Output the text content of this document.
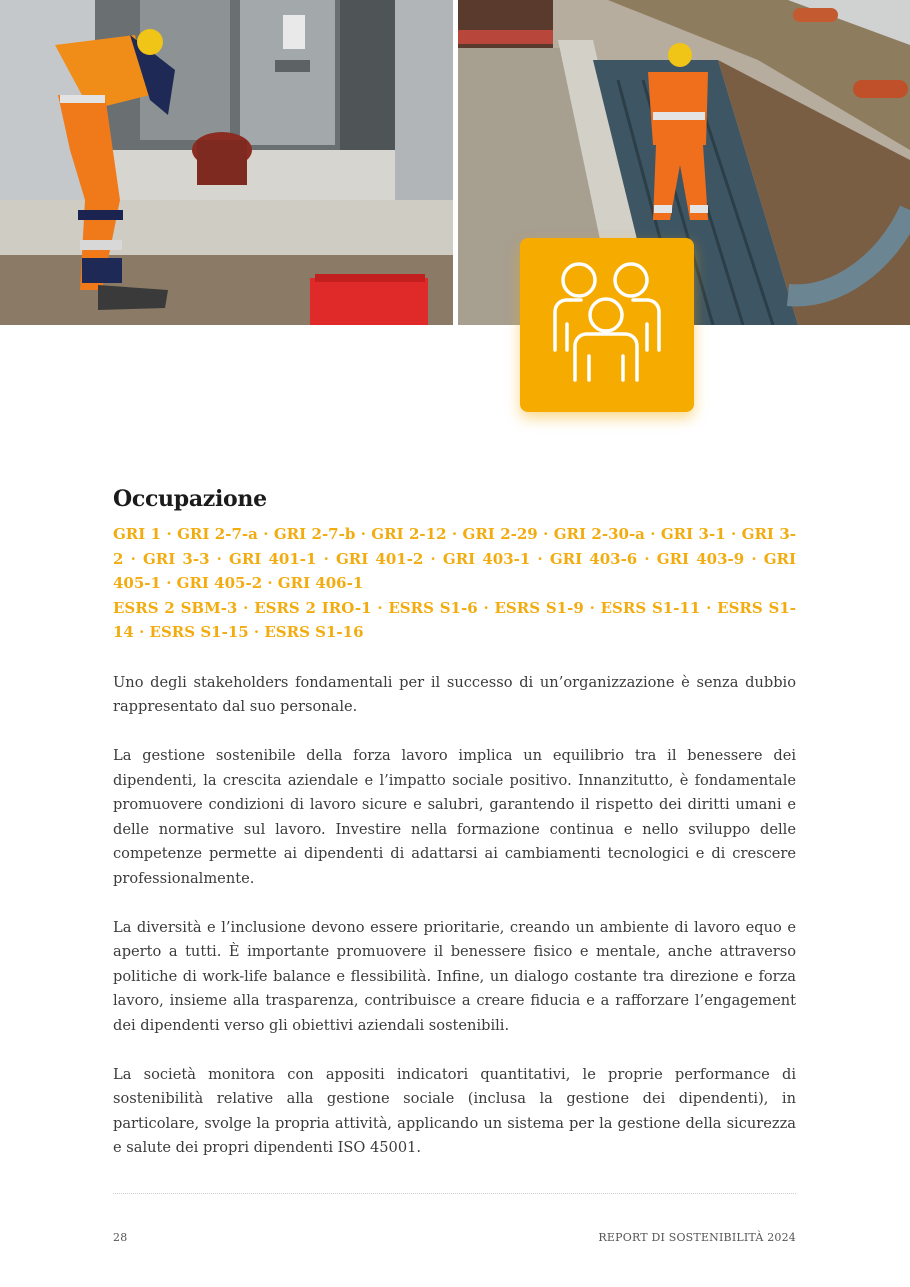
Occupazione

GRI 1 · GRI 2-7-a · GRI 2-7-b · GRI 2-12 · GRI 2-29 · GRI 2-30-a · GRI 3-1 · GRI 3-2 · GRI 3-3 · GRI 401-1 · GRI 401-2 · GRI 403-1 · GRI 403-6 · GRI 403-9 · GRI 405-1 · GRI 405-2 · GRI 406-1

ESRS 2 SBM-3 · ESRS 2 IRO-1 · ESRS S1-6 · ESRS S1-9 · ESRS S1-11 · ESRS S1-14 · ESRS S1-15 · ESRS S1-16

Uno degli stakeholders fondamentali per il successo di un’organizzazione è senza dubbio rappresentato dal suo personale.

La gestione sostenibile della forza lavoro implica un equilibrio tra il benessere dei dipendenti, la crescita aziendale e l’impatto sociale positivo. Innanzitutto, è fondamentale promuovere condizioni di lavoro sicure e salubri, garantendo il rispetto dei diritti umani e delle normative sul lavoro. Investire nella formazione continua e nello sviluppo delle competenze permette ai dipendenti di adattarsi ai cambiamenti tecnologici e di crescere professionalmente.

La diversità e l’inclusione devono essere prioritarie, creando un ambiente di lavoro equo e aperto a tutti. È importante promuovere il benessere fisico e mentale, anche attraverso politiche di work-life balance e flessibilità. Infine, un dialogo costante tra direzione e forza lavoro, insieme alla trasparenza, contribuisce a creare fiducia e a rafforzare l’engagement dei dipendenti verso gli obiettivi aziendali sostenibili.

La società monitora con appositi indicatori quantitativi, le proprie performance di sostenibilità relative alla gestione sociale (inclusa la gestione dei dipendenti), in particolare, svolge la propria attività, applicando un sistema per la gestione della sicurezza e salute dei propri dipendenti ISO 45001.

28	REPORT DI SOSTENIBILITÀ 2024
